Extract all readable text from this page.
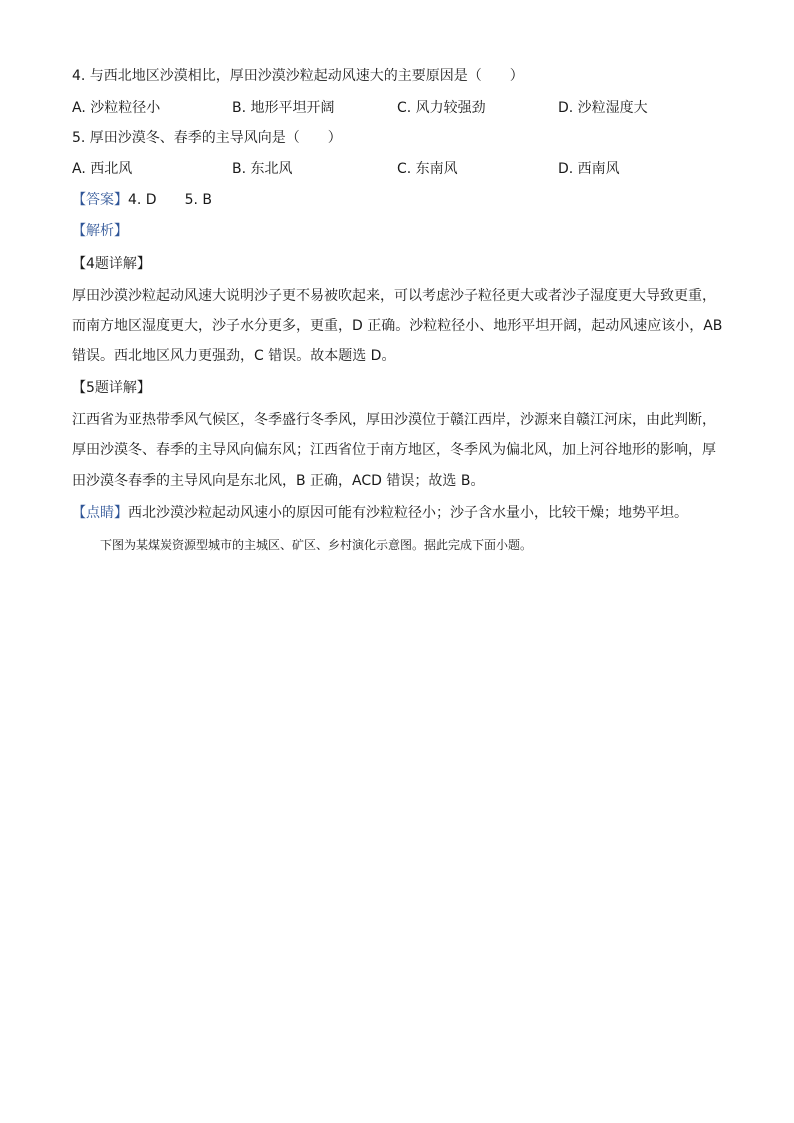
4. 与西北地区沙漠相比，厚田沙漠沙粒起动风速大的主要原因是（　　）
A. 沙粒粒径小	B. 地形平坦开阔	C. 风力较强劲	D. 沙粒湿度大
5. 厚田沙漠冬、春季的主导风向是（　　）
A. 西北风	B. 东北风	C. 东南风	D. 西南风
【答案】4. D　　5. B
【解析】
【4题详解】
厚田沙漠沙粒起动风速大说明沙子更不易被吹起来，可以考虑沙子粒径更大或者沙子湿度更大导致更重，
而南方地区湿度更大，沙子水分更多，更重，D 正确。沙粒粒径小、地形平坦开阔，起动风速应该小，AB
错误。西北地区风力更强劲，C 错误。故本题选 D。
【5题详解】
江西省为亚热带季风气候区，冬季盛行冬季风，厚田沙漠位于赣江西岸，沙源来自赣江河床，由此判断，
厚田沙漠冬、春季的主导风向偏东风；江西省位于南方地区，冬季风为偏北风，加上河谷地形的影响，厚
田沙漠冬春季的主导风向是东北风，B 正确，ACD 错误；故选 B。
【点睛】西北沙漠沙粒起动风速小的原因可能有沙粒粒径小；沙子含水量小，比较干燥；地势平坦。
下图为某煤炭资源型城市的主城区、矿区、乡村演化示意图。据此完成下面小题。
